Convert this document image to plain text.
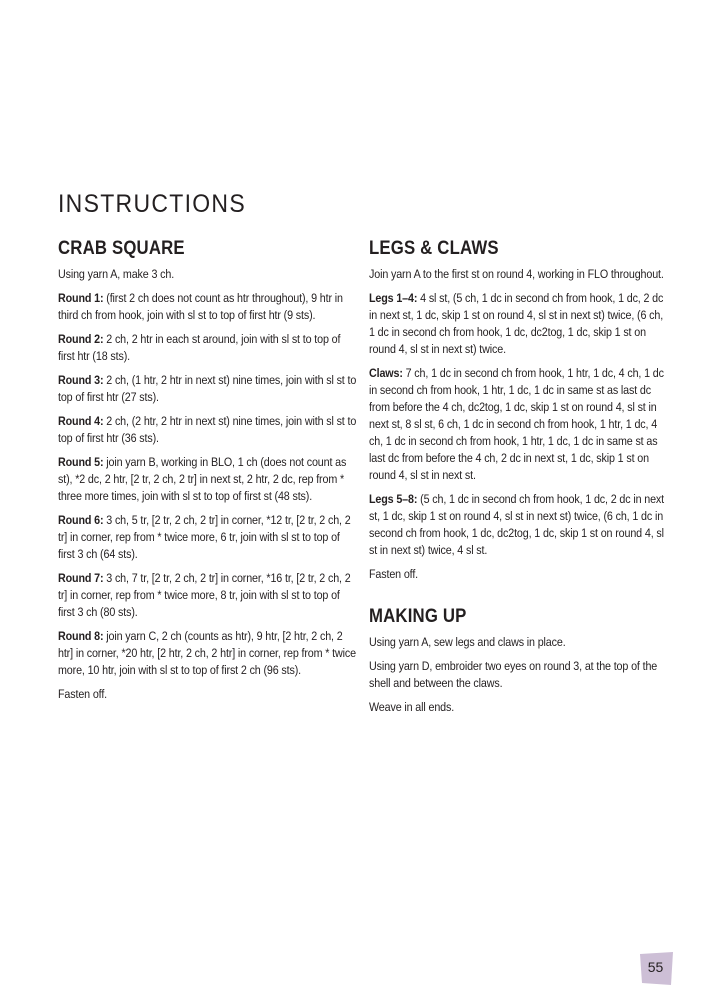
INSTRUCTIONS
CRAB SQUARE

Using yarn A, make 3 ch.

Round 1: (first 2 ch does not count as htr throughout), 9 htr in third ch from hook, join with sl st to top of first htr (9 sts).

Round 2: 2 ch, 2 htr in each st around, join with sl st to top of first htr (18 sts).

Round 3: 2 ch, (1 htr, 2 htr in next st) nine times, join with sl st to top of first htr (27 sts).

Round 4: 2 ch, (2 htr, 2 htr in next st) nine times, join with sl st to top of first htr (36 sts).

Round 5: join yarn B, working in BLO, 1 ch (does not count as st), *2 dc, 2 htr, [2 tr, 2 ch, 2 tr] in next st, 2 htr, 2 dc, rep from * three more times, join with sl st to top of first st (48 sts).

Round 6: 3 ch, 5 tr, [2 tr, 2 ch, 2 tr] in corner, *12 tr, [2 tr, 2 ch, 2 tr] in corner, rep from * twice more, 6 tr, join with sl st to top of first 3 ch (64 sts).

Round 7: 3 ch, 7 tr, [2 tr, 2 ch, 2 tr] in corner, *16 tr, [2 tr, 2 ch, 2 tr] in corner, rep from * twice more, 8 tr, join with sl st to top of first 3 ch (80 sts).

Round 8: join yarn C, 2 ch (counts as htr), 9 htr, [2 htr, 2 ch, 2 htr] in corner, *20 htr, [2 htr, 2 ch, 2 htr] in corner, rep from * twice more, 10 htr, join with sl st to top of first 2 ch (96 sts).

Fasten off.

LEGS & CLAWS

Join yarn A to the first st on round 4, working in FLO throughout.

Legs 1–4: 4 sl st, (5 ch, 1 dc in second ch from hook, 1 dc, 2 dc in next st, 1 dc, skip 1 st on round 4, sl st in next st) twice, (6 ch, 1 dc in second ch from hook, 1 dc, dc2tog, 1 dc, skip 1 st on round 4, sl st in next st) twice.

Claws: 7 ch, 1 dc in second ch from hook, 1 htr, 1 dc, 4 ch, 1 dc in second ch from hook, 1 htr, 1 dc, 1 dc in same st as last dc from before the 4 ch, dc2tog, 1 dc, skip 1 st on round 4, sl st in next st, 8 sl st, 6 ch, 1 dc in second ch from hook, 1 htr, 1 dc, 4 ch, 1 dc in second ch from hook, 1 htr, 1 dc, 1 dc in same st as last dc from before the 4 ch, 2 dc in next st, 1 dc, skip 1 st on round 4, sl st in next st.

Legs 5–8: (5 ch, 1 dc in second ch from hook, 1 dc, 2 dc in next st, 1 dc, skip 1 st on round 4, sl st in next st) twice, (6 ch, 1 dc in second ch from hook, 1 dc, dc2tog, 1 dc, skip 1 st on round 4, sl st in next st) twice, 4 sl st.

Fasten off.

MAKING UP

Using yarn A, sew legs and claws in place.

Using yarn D, embroider two eyes on round 3, at the top of the shell and between the claws.

Weave in all ends.

55
